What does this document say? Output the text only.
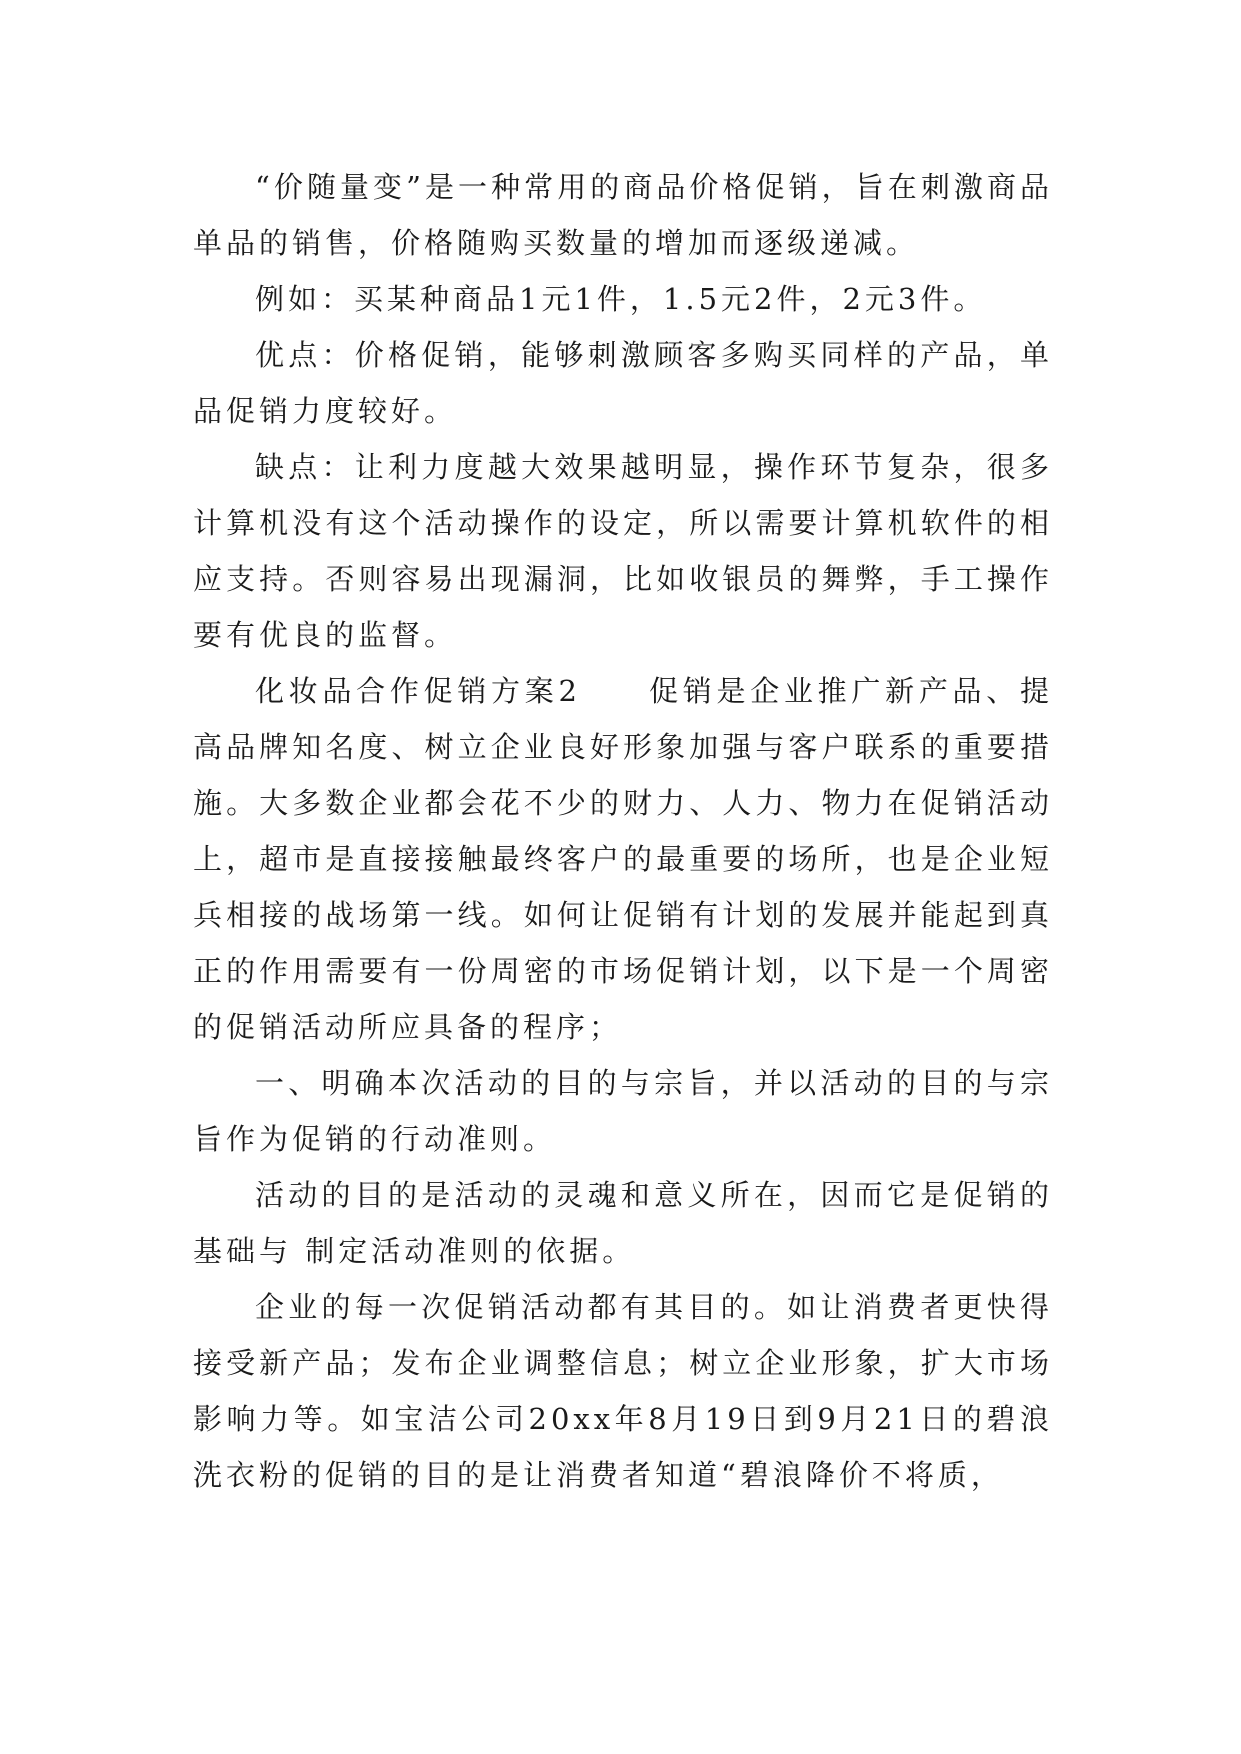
“价随量变”是一种常用的商品价格促销，旨在刺激商品单品的销售，价格随购买数量的增加而逐级递减。

例如：买某种商品1元1件，1.5元2件，2元3件。

优点：价格促销，能够刺激顾客多购买同样的产品，单品促销力度较好。

缺点：让利力度越大效果越明显，操作环节复杂，很多计算机没有这个活动操作的设定，所以需要计算机软件的相应支持。否则容易出现漏洞，比如收银员的舞弊，手工操作要有优良的监督。

化妆品合作促销方案2　　促销是企业推广新产品、提高品牌知名度、树立企业良好形象加强与客户联系的重要措施。大多数企业都会花不少的财力、人力、物力在促销活动上，超市是直接接触最终客户的最重要的场所，也是企业短兵相接的战场第一线。如何让促销有计划的发展并能起到真正的作用需要有一份周密的市场促销计划，以下是一个周密的促销活动所应具备的程序；

一、明确本次活动的目的与宗旨，并以活动的目的与宗旨作为促销的行动准则。

活动的目的是活动的灵魂和意义所在，因而它是促销的基础与 制定活动准则的依据。

企业的每一次促销活动都有其目的。如让消费者更快得接受新产品；发布企业调整信息；树立企业形象，扩大市场影响力等。如宝洁公司20xx年8月19日到9月21日的碧浪洗衣粉的促销的目的是让消费者知道“碧浪降价不将质，
